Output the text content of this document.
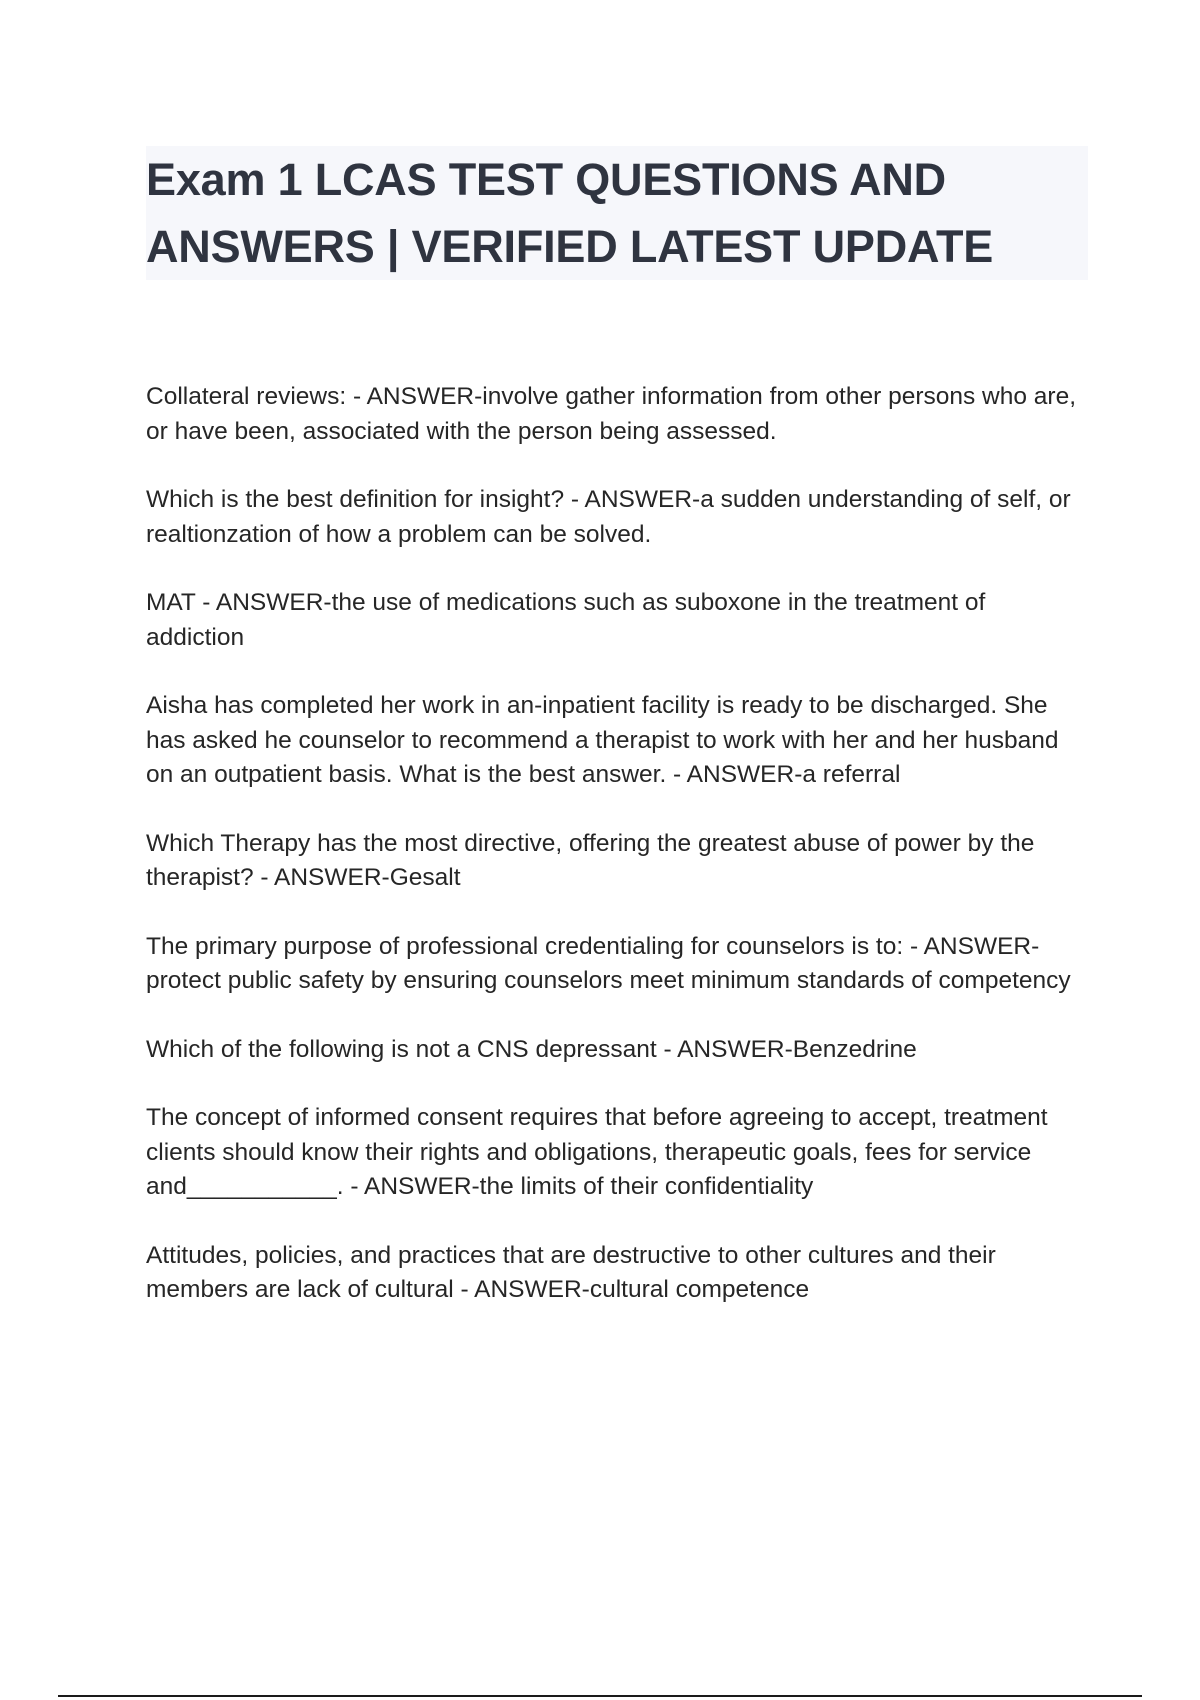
Exam 1 LCAS TEST QUESTIONS AND
ANSWERS | VERIFIED LATEST UPDATE

Collateral reviews: - ANSWER-involve gather information from other persons who are, or have been, associated with the person being assessed.

Which is the best definition for insight? - ANSWER-a sudden understanding of self, or realtionzation of how a problem can be solved.

MAT - ANSWER-the use of medications such as suboxone in the treatment of addiction

Aisha has completed her work in an-inpatient facility is ready to be discharged. She has asked he counselor to recommend a therapist to work with her and her husband on an outpatient basis. What is the best answer. - ANSWER-a referral

Which Therapy has the most directive, offering the greatest abuse of power by the therapist? - ANSWER-Gesalt

The primary purpose of professional credentialing for counselors is to: - ANSWER-protect public safety by ensuring counselors meet minimum standards of competency

Which of the following is not a CNS depressant - ANSWER-Benzedrine

The concept of informed consent requires that before agreeing to accept, treatment clients should know their rights and obligations, therapeutic goals, fees for service and___________. - ANSWER-the limits of their confidentiality

Attitudes, policies, and practices that are destructive to other cultures and their members are lack of cultural - ANSWER-cultural competence
